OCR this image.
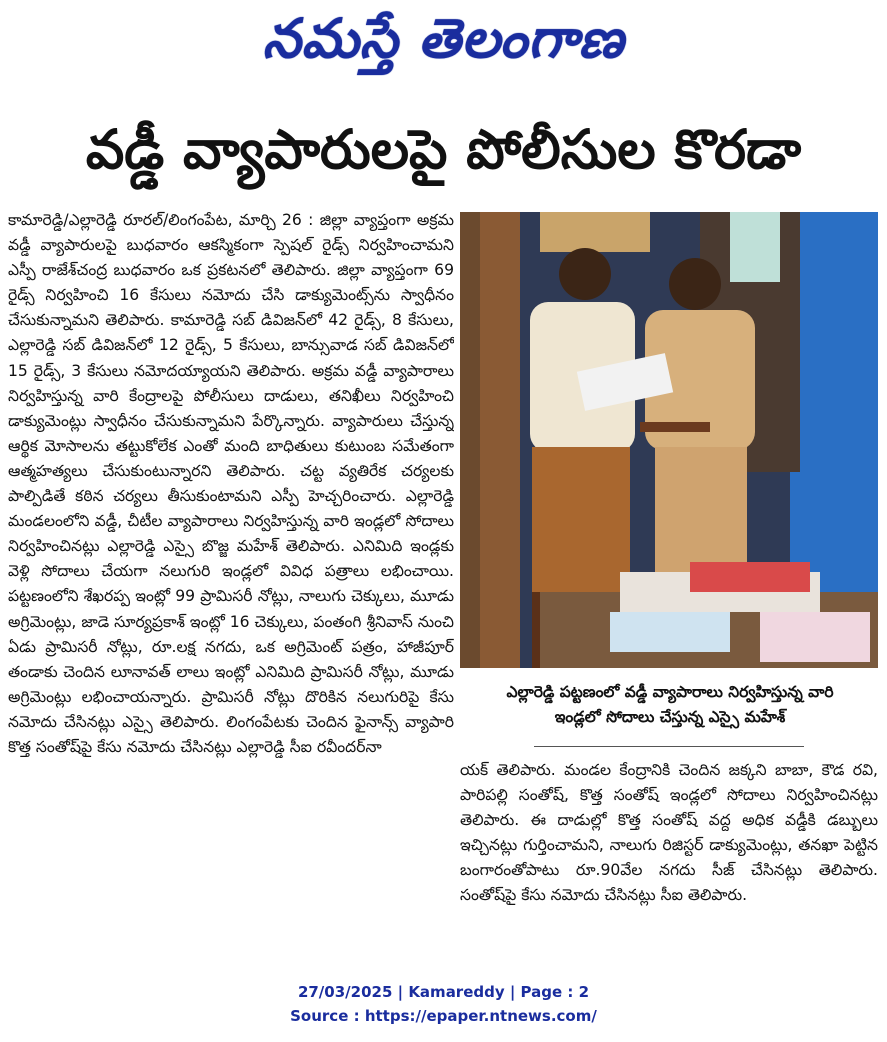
నమస్తే తెలంగాణ
వడ్డీ వ్యాపారులపై పోలీసుల కొరడా

కామారెడ్డి/ఎల్లారెడ్డి రూరల్/లింగంపేట, మార్చి 26 : జిల్లా వ్యాప్తంగా అక్రమ వడ్డీ వ్యాపారులపై బుధవారం ఆకస్మికంగా స్పెషల్ రైడ్స్ నిర్వహించామని ఎస్పీ రాజేశ్‌చంద్ర బుధవారం ఒక ప్రకటనలో తెలిపారు. జిల్లా వ్యాప్తంగా 69 రైడ్స్ నిర్వహించి 16 కేసులు నమోదు చేసి డాక్యుమెంట్స్‌ను స్వాధీనం చేసుకున్నామని తెలిపారు. కామారెడ్డి సబ్ డివిజన్‌లో 42 రైడ్స్, 8 కేసులు, ఎల్లారెడ్డి సబ్ డివిజన్‌లో 12 రైడ్స్, 5 కేసులు, బాన్సువాడ సబ్ డివిజన్‌లో 15 రైడ్స్, 3 కేసులు నమోదయ్యాయని తెలిపారు. అక్రమ వడ్డీ వ్యాపారాలు నిర్వహిస్తున్న వారి కేంద్రాలపై పోలీసులు దాడులు, తనిఖీలు నిర్వహించి డాక్యుమెంట్లు స్వాధీనం చేసుకున్నామని పేర్కొన్నారు. వ్యాపారులు చేస్తున్న ఆర్థిక మోసాలను తట్టుకోలేక ఎంతో మంది బాధితులు కుటుంబ సమేతంగా ఆత్మహత్యలు చేసుకుంటున్నారని తెలిపారు. చట్ట వ్యతిరేక చర్యలకు పాల్పిడితే కఠిన చర్యలు తీసుకుంటామని ఎస్పీ హెచ్చరించారు. ఎల్లారెడ్డి మండలంలోని వడ్డీ, చీటీల వ్యాపారాలు నిర్వహిస్తున్న వారి ఇండ్లలో సోదాలు నిర్వహించినట్లు ఎల్లారెడ్డి ఎస్సై బొజ్జ మహేశ్ తెలిపారు. ఎనిమిది ఇండ్లకు వెళ్లి సోదాలు చేయగా నలుగురి ఇండ్లలో వివిధ పత్రాలు లభించాయి. పట్టణంలోని శేఖరప్ప ఇంట్లో 99 ప్రామిసరీ నోట్లు, నాలుగు చెక్కులు, మూడు అగ్రిమెంట్లు, జాడె సూర్యప్రకాశ్ ఇంట్లో 16 చెక్కులు, పంతంగి శ్రీనివాస్ నుంచి ఏడు ప్రామిసరీ నోట్లు, రూ.లక్ష నగదు, ఒక అగ్రిమెంట్ పత్రం, హాజీపూర్ తండాకు చెందిన లూనావత్ లాలు ఇంట్లో ఎనిమిది ప్రామిసరీ నోట్లు, మూడు అగ్రిమెంట్లు లభించాయన్నారు. ప్రామిసరీ నోట్లు దొరికిన నలుగురిపై కేసు నమోదు చేసినట్లు ఎస్సై తెలిపారు. లింగంపేటకు చెందిన ఫైనాన్స్ వ్యాపారి కొత్త సంతోష్‌పై కేసు నమోదు చేసినట్లు ఎల్లారెడ్డి సీఐ రవీందర్‌నా

ఎల్లారెడ్డి పట్టణంలో వడ్డీ వ్యాపారాలు నిర్వహిస్తున్న వారి
ఇండ్లలో సోదాలు చేస్తున్న ఎస్సై మహేశ్

యక్ తెలిపారు. మండల కేంద్రానికి చెందిన జక్కని బాబా, కౌడ రవి, పారిపల్లి సంతోష్, కొత్త సంతోష్ ఇండ్లలో సోదాలు నిర్వహించినట్లు తెలిపారు. ఈ దాడుల్లో కొత్త సంతోష్ వద్ద అధిక వడ్డీకి డబ్బులు ఇచ్చినట్లు గుర్తించామని, నాలుగు రిజిస్టర్ డాక్యుమెంట్లు, తనఖా పెట్టిన బంగారంతోపాటు రూ.90వేల నగదు సీజ్ చేసినట్లు తెలిపారు. సంతోష్‌పై కేసు నమోదు చేసినట్లు సీఐ తెలిపారు.

27/03/2025 | Kamareddy | Page : 2
Source : https://epaper.ntnews.com/
